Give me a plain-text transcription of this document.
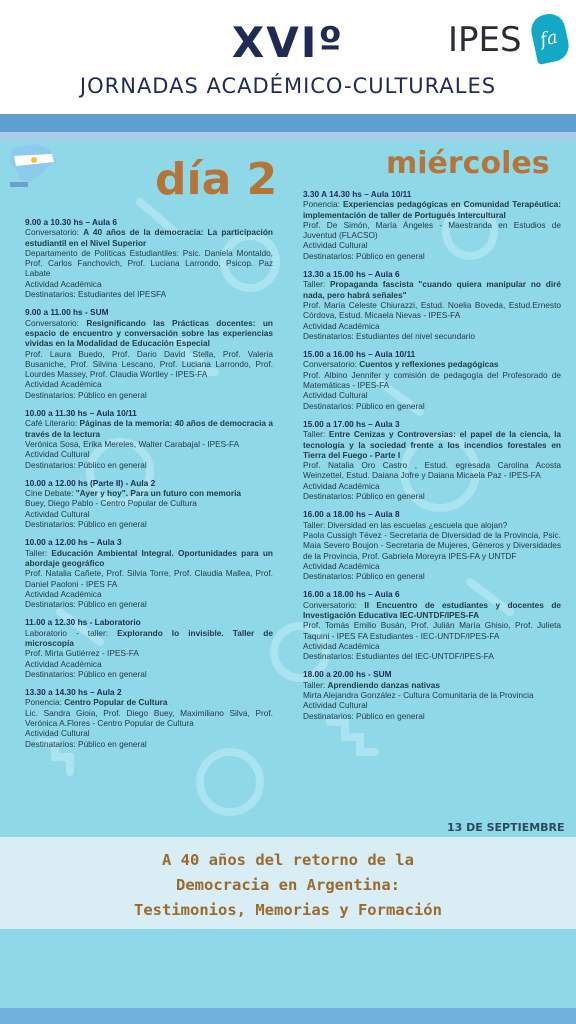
XVIº
JORNADAS ACADÉMICO-CULTURALES
IPES fa
día 2	miércoles
9.00 a 10.30 hs – Aula 6
Conversatorio: A 40 años de la democracia: La participación estudiantil en el Nivel Superior
Departamento de Políticas Estudiantiles: Psic. Daniela Montaldo, Prof. Carlos Fanchovich, Prof. Luciana Larrondo, Psicop. Paz Labate
Actividad Académica
Destinatarios: Estudiantes del IPESFA
9.00 a 11.00 hs - SUM
Conversatorio: Resignificando las Prácticas docentes: un espacio de encuentro y conversación sobre las experiencias vividas en la Modalidad de Educación Especial
Prof. Laura Buedo, Prof. Dario David Stella, Prof. Valeria Busaniche, Prof. Silvina Lescano, Prof. Luciana Larrondo, Prof. Lourdes Massey, Prof. Claudia Wortley - IPES-FA
Actividad Académica
Destinatarios: Público en general
10.00 a 11.30 hs – Aula 10/11
Café Literario: Páginas de la memoria: 40 años de democracia a través de la lectura
Verónica Sosa, Erika Mereles, Walter Carabajal - IPES-FA
Actividad Cultural
Destinatarios: Público en general
10.00 a 12.00 hs (Parte II) - Aula 2
Cine Debate: "Ayer y hoy". Para un futuro con memoria
Buey, Diego Pablo - Centro Popular de Cultura
Actividad Cultural
Destinatarios: Público en general
10.00 a 12.00 hs – Aula 3
Taller: Educación Ambiental Integral. Oportunidades para un abordaje geográfico
Prof. Natalia Cañete, Prof. Silvia Torre, Prof. Claudia Mallea, Prof. Daniel Paoloni - IPES FA
Actividad Académica
Destinatarios: Público en general
11.00 a 12.30 hs - Laboratorio
Laboratorio - taller: Explorando lo invisible. Taller de microscopía
Prof. Mirta Gutiérrez - IPES-FA
Actividad Académica
Destinatarios: Público en general
13.30 a 14.30 hs – Aula 2
Ponencia: Centro Popular de Cultura
Lic. Sandra Gioia, Prof. Diego Buey, Maximiliano Silva, Prof. Verónica A.Flores - Centro Popular de Cultura
Actividad Cultural
Destinatarios: Público en general
3.30 A 14.30 hs – Aula 10/11
Ponencia: Experiencias pedagógicas en Comunidad Terapéutica: implementación de taller de Portugués Intercultural
Prof. De Simón, María Ángeles - Maestranda en Estudios de Juventud (FLACSO)
Actividad Cultural
Destinatarios: Público en general
13.30 a 15.00 hs – Aula 6
Taller: Propaganda fascista "cuando quiera manipular no diré nada, pero habrá señales"
Prof. María Celeste Chiurazzi, Estud. Noelia Boveda, Estud.Ernesto Córdova, Estud. Micaela Nievas - IPES-FA
Actividad Académica
Destinatarios: Estudiantes del nivel secundario
15.00 a 16.00 hs – Aula 10/11
Conversatorio: Cuentos y reflexiones pedagógicas
Prof. Albino Jennifer y comisión de pedagogía del Profesorado de Matemáticas - IPES-FA
Actividad Cultural
Destinatarios: Público en general
15.00 a 17.00 hs – Aula 3
Taller: Entre Cenizas y Controversias: el papel de la ciencia, la tecnología y la sociedad frente a los incendios forestales en Tierra del Fuego - Parte I
Prof. Natalia Oro Castro , Estud. egresada Carolina Acosta Weinzettel, Estud. Daiana Jofre y Daiana Micaela Paz - IPES-FA
Actividad Académica
Destinatarios: Público en general
16.00 a 18.00 hs – Aula 8
Taller: Diversidad en las escuelas ¿escuela que alojan?
Paola Cussigh Tévez - Secretaria de Diversidad de la Provincia, Psic. Maia Severo Boujon - Secretaria de Mujeres, Géneros y Diversidades de la Provincia, Prof. Gabriela Moreyra IPES-FA y UNTDF
Actividad Académica
Destinatarios: Público en general
16.00 a 18.00 hs – Aula 6
Conversatorio: II Encuentro de estudiantes y docentes de Investigación Educativa IEC-UNTDF/IPES-FA
Prof. Tomás Emilio Busán, Prof. Julián María Ghisio, Prof. Julieta Taquini - IPES FA Estudiantes - IEC-UNTDF/IPES-FA
Actividad Académica
Destinatarios: Estudiantes del IEC-UNTDF/IPES-FA
18.00 a 20.00 hs - SUM
Taller: Aprendiendo danzas nativas
Mirta Alejandra González - Cultura Comunitaria de la Provincia
Actividad Cultural
Destinatarios: Público en general
13 DE SEPTIEMBRE
A 40 años del retorno de la
Democracia en Argentina:
Testimonios, Memorias y Formación
